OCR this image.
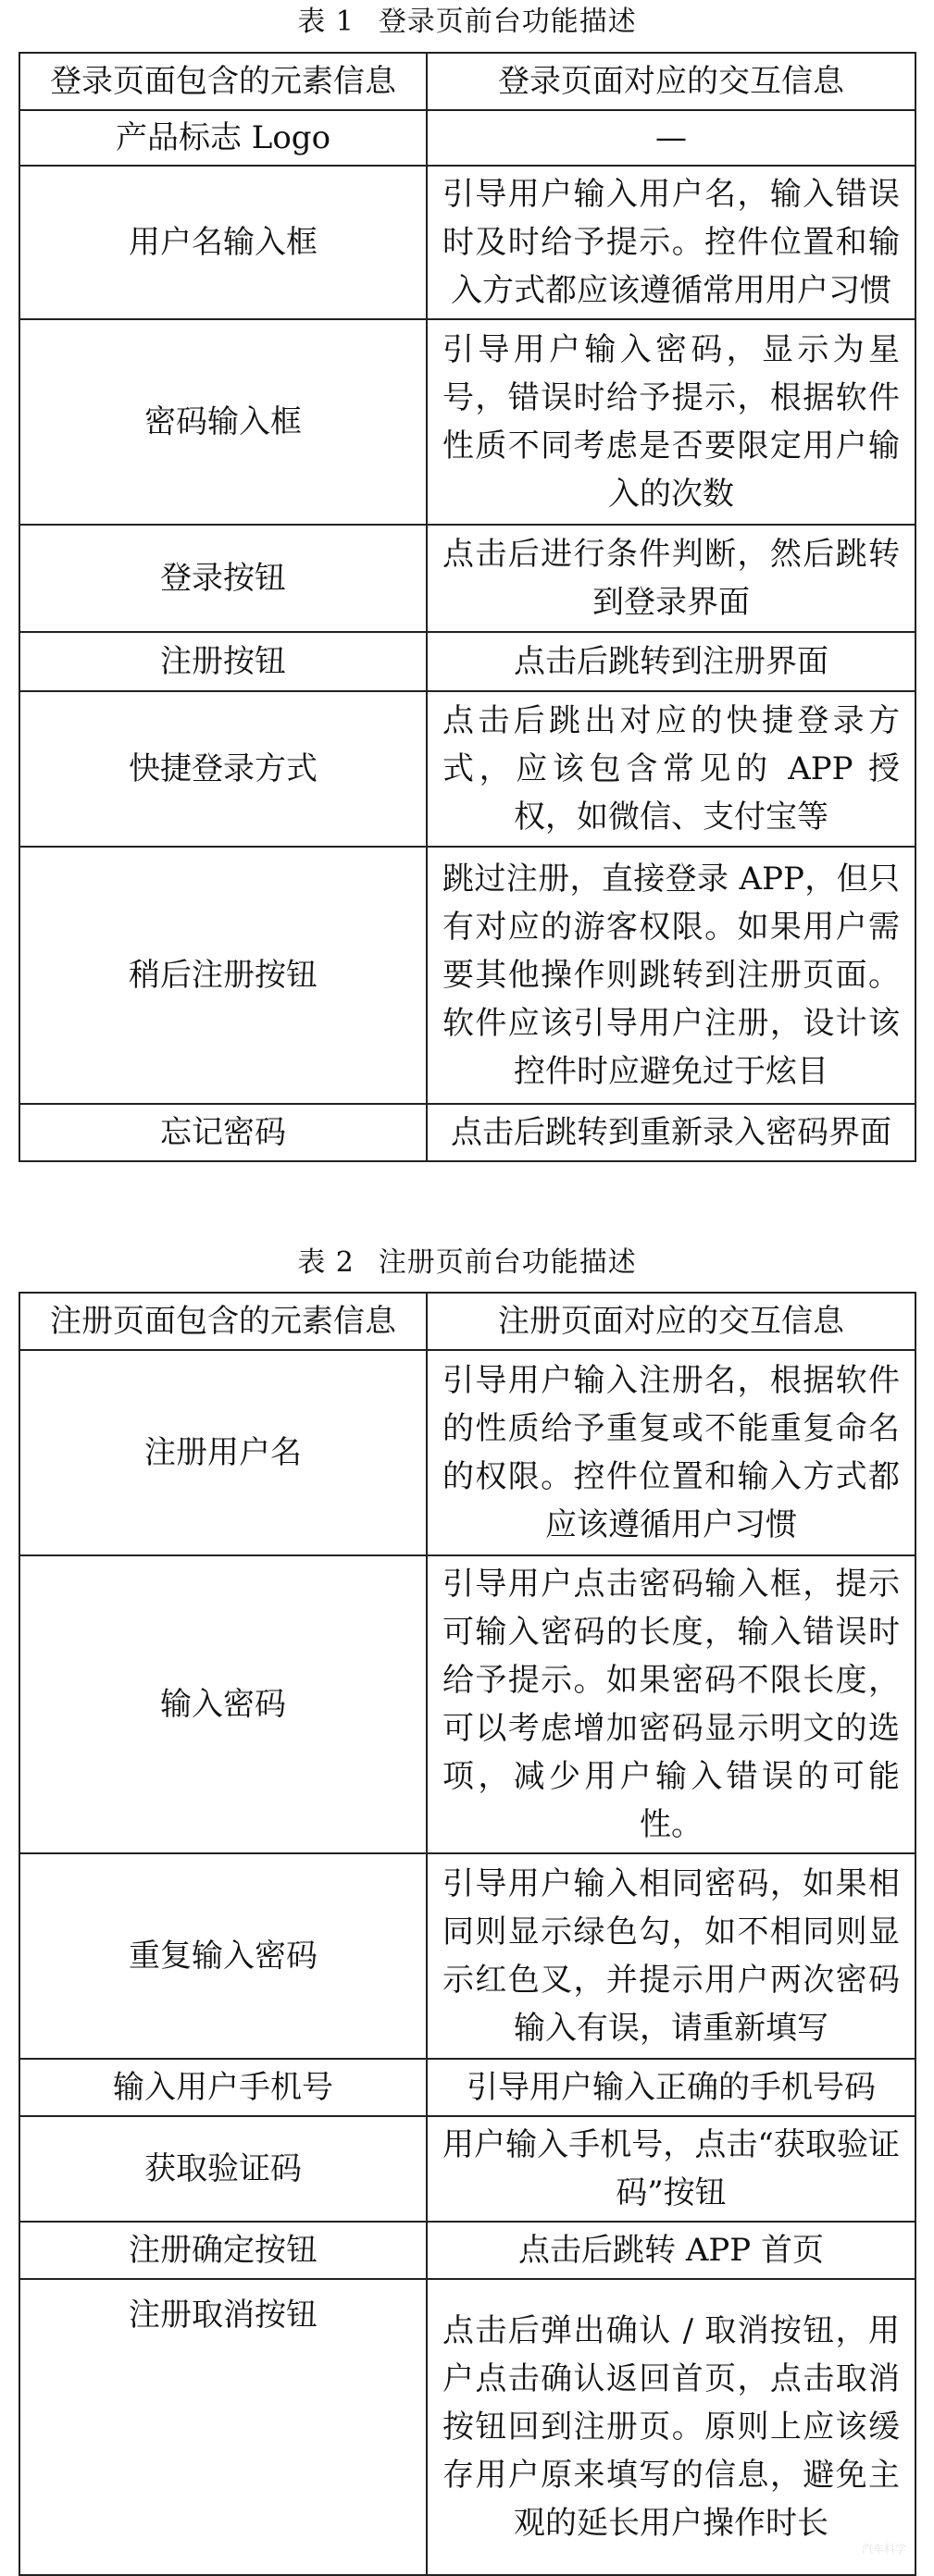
表 1 登录页前台功能描述
登录页面包含的元素信息	登录页面对应的交互信息
产品标志 Logo	—
用户名输入框	引导用户输入用户名，输入错误时及时给予提示。控件位置和输入方式都应该遵循常用用户习惯
密码输入框	引导用户输入密码，显示为星号，错误时给予提示，根据软件性质不同考虑是否要限定用户输入的次数
登录按钮	点击后进行条件判断，然后跳转到登录界面
注册按钮	点击后跳转到注册界面
快捷登录方式	点击后跳出对应的快捷登录方式，应该包含常见的 APP 授权，如微信、支付宝等
稍后注册按钮	跳过注册，直接登录 APP，但只有对应的游客权限。如果用户需要其他操作则跳转到注册页面。软件应该引导用户注册，设计该控件时应避免过于炫目
忘记密码	点击后跳转到重新录入密码界面
表 2 注册页前台功能描述
注册页面包含的元素信息	注册页面对应的交互信息
注册用户名	引导用户输入注册名，根据软件的性质给予重复或不能重复命名的权限。控件位置和输入方式都应该遵循用户习惯
输入密码	引导用户点击密码输入框，提示可输入密码的长度，输入错误时给予提示。如果密码不限长度，可以考虑增加密码显示明文的选项，减少用户输入错误的可能性。
重复输入密码	引导用户输入相同密码，如果相同则显示绿色勾，如不相同则显示红色叉，并提示用户两次密码输入有误，请重新填写
输入用户手机号	引导用户输入正确的手机号码
获取验证码	用户输入手机号，点击“获取验证码”按钮
注册确定按钮	点击后跳转 APP 首页
注册取消按钮	点击后弹出确认 / 取消按钮，用户点击确认返回首页，点击取消按钮回到注册页。原则上应该缓存用户原来填写的信息，避免主观的延长用户操作时长
汽车科学
